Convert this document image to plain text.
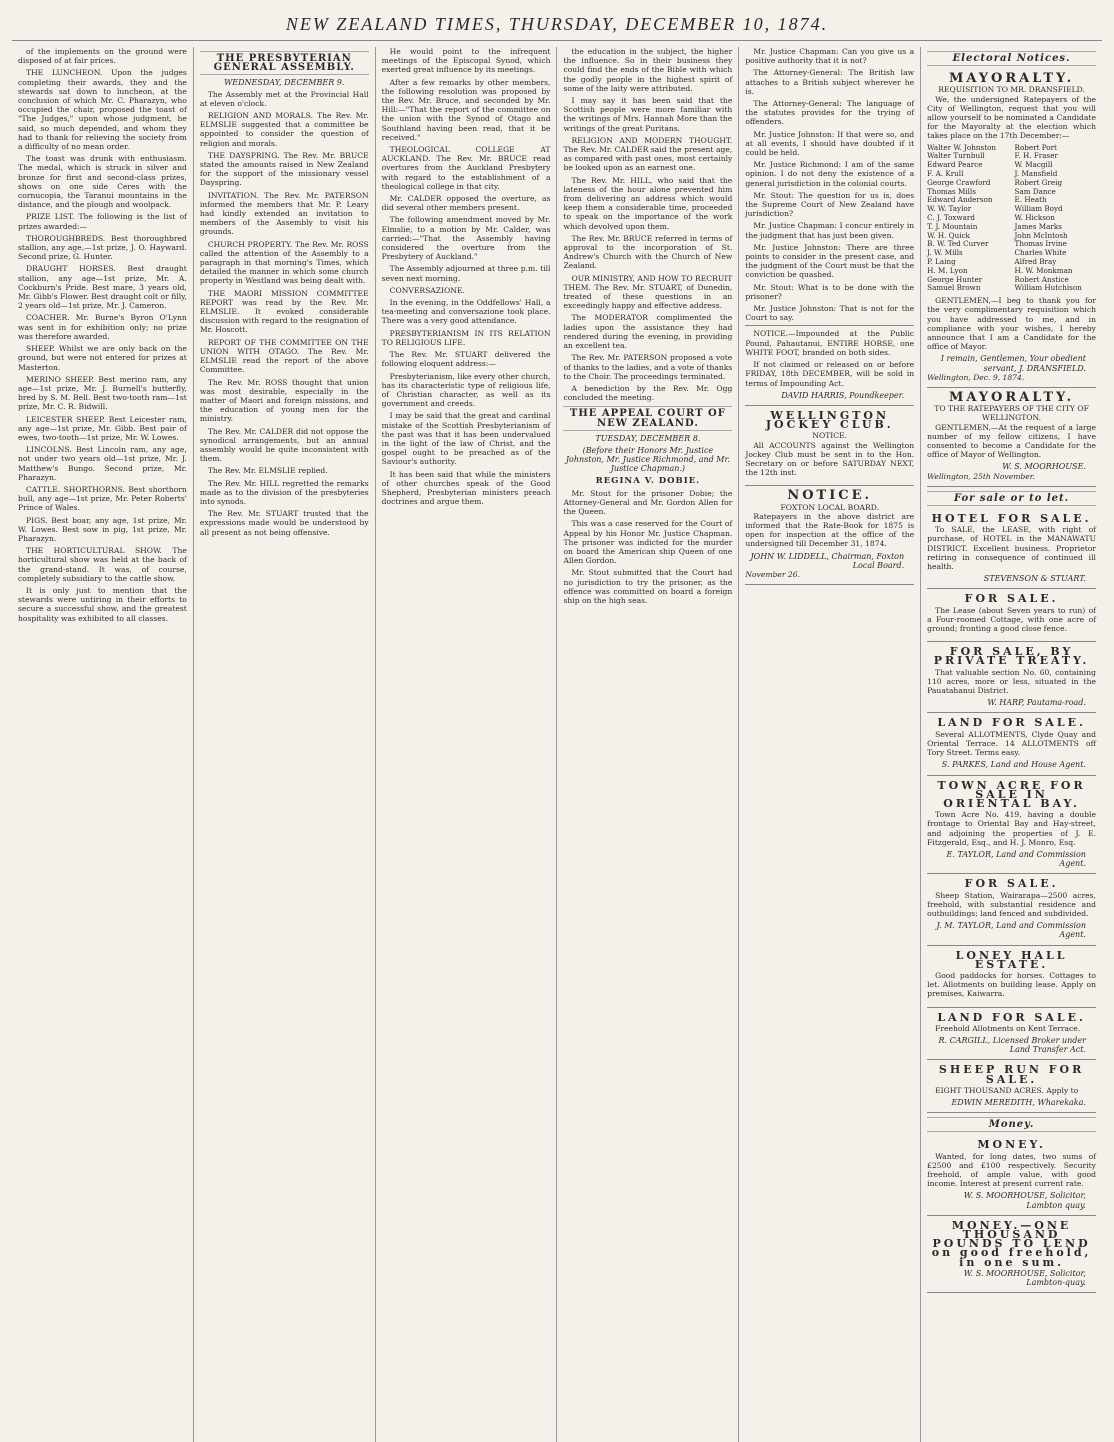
NEW ZEALAND TIMES, THURSDAY, DECEMBER 10, 1874.

of the implements on the ground were disposed of at fair prices.

THE LUNCHEON. Upon the judges completing their awards, they and the stewards sat down to luncheon, at the conclusion of which Mr. C. Pharazyn, who occupied the chair, proposed the toast of "The Judges," upon whose judgment, he said, so much depended, and whom they had to thank for relieving the society from a difficulty of no mean order.

The toast was drunk with enthusiasm. The medal, which is struck in silver and bronze for first and second-class prizes, shows on one side Ceres with the cornucopia, the Taranui mountains in the distance, and the plough and woolpack.

PRIZE LIST. The following is the list of prizes awarded:—

THOROUGHBREDS. Best thoroughbred stallion, any age,—1st prize, J. O. Hayward. Second prize, G. Hunter.

DRAUGHT HORSES. Best draught stallion, any age—1st prize, Mr. A. Cockburn's Pride. Best mare, 3 years old, Mr. Gibb's Flower. Best draught colt or filly, 2 years old—1st prize, Mr. J. Cameron.

COACHER. Mr. Burne's Byron O'Lynn was sent in for exhibition only; no prize was therefore awarded.

SHEEP. Whilst we are only back on the ground, but were not entered for prizes at Masterton.

MERINO SHEEP. Best merino ram, any age—1st prize, Mr. J. Burnell's butterfly, bred by S. M. Bell. Best two-tooth ram—1st prize, Mr. C. R. Bidwill.

LEICESTER SHEEP. Best Leicester ram, any age—1st prize, Mr. Gibb. Best pair of ewes, two-tooth—1st prize, Mr. W. Lowes.

LINCOLNS. Best Lincoln ram, any age, not under two years old—1st prize, Mr. J. Matthew's Bungo. Second prize, Mr. Pharazyn.

CATTLE. SHORTHORNS. Best shorthorn bull, any age—1st prize, Mr. Peter Roberts' Prince of Wales.

PIGS. Best boar, any age, 1st prize, Mr. W. Lowes. Best sow in pig, 1st prize, Mr. Pharazyn.

THE HORTICULTURAL SHOW. The horticultural show was held at the back of the grand-stand. It was, of course, completely subsidiary to the cattle show.

It is only just to mention that the stewards were untiring in their efforts to secure a successful show, and the greatest hospitality was exhibited to all classes.

THE PRESBYTERIAN GENERAL ASSEMBLY.
WEDNESDAY, DECEMBER 9.

The Assembly met at the Provincial Hall at eleven o'clock.

RELIGION AND MORALS. The Rev. Mr. ELMSLIE suggested that a committee be appointed to consider the question of religion and morals.

THE DAYSPRING. The Rev. Mr. BRUCE stated the amounts raised in New Zealand for the support of the missionary vessel Dayspring.

INVITATION. The Rev. Mr. PATERSON informed the members that Mr. P. Leary had kindly extended an invitation to members of the Assembly to visit his grounds.

CHURCH PROPERTY. The Rev. Mr. ROSS called the attention of the Assembly to a paragraph in that morning's Times, which detailed the manner in which some church property in Westland was being dealt with.

THE MAORI MISSION COMMITTEE REPORT was read by the Rev. Mr. ELMSLIE. It evoked considerable discussion with regard to the resignation of Mr. Hoscott.

REPORT OF THE COMMITTEE ON THE UNION WITH OTAGO. The Rev. Mr. ELMSLIE read the report of the above Committee.

The Rev. Mr. ROSS thought that union was most desirable, especially in the matter of Maori and foreign missions, and the education of young men for the ministry.

The Rev. Mr. CALDER did not oppose the synodical arrangements, but an annual assembly would be quite inconsistent with them.

The Rev. Mr. ELMSLIE replied.

The Rev. Mr. HILL regretted the remarks made as to the division of the presbyteries into synods.

The Rev. Mr. STUART trusted that the expressions made would be understood by all present as not being offensive.

He would point to the infrequent meetings of the Episcopal Synod, which exerted great influence by its meetings.

After a few remarks by other members, the following resolution was proposed by the Rev. Mr. Bruce, and seconded by Mr. Hill:—"That the report of the committee on the union with the Synod of Otago and Southland having been read, that it be received."

THEOLOGICAL COLLEGE AT AUCKLAND. The Rev. Mr. BRUCE read overtures from the Auckland Presbytery with regard to the establishment of a theological college in that city.

Mr. CALDER opposed the overture, as did several other members present.

The following amendment moved by Mr. Elmslie, to a motion by Mr. Calder, was carried:—"That the Assembly having considered the overture from the Presbytery of Auckland."

The Assembly adjourned at three p.m. till seven next morning.

CONVERSAZIONE.

In the evening, in the Oddfellows' Hall, a tea-meeting and conversazione took place. There was a very good attendance.

PRESBYTERIANISM IN ITS RELATION TO RELIGIOUS LIFE.

The Rev. Mr. STUART delivered the following eloquent address:—

Presbyterianism, like every other church, has its characteristic type of religious life, of Christian character, as well as its government and creeds.

I may be said that the great and cardinal mistake of the Scottish Presbyterianism of the past was that it has been undervalued in the light of the law of Christ, and the gospel ought to be preached as of the Saviour's authority.

It has been said that while the ministers of other churches speak of the Good Shepherd, Presbyterian ministers preach doctrines and argue them.

the education in the subject, the higher the influence. So in their business they could find the ends of the Bible with which the godly people in the highest spirit of some of the laity were attributed.

I may say it has been said that the Scottish people were more familiar with the writings of Mrs. Hannah More than the writings of the great Puritans.

RELIGION AND MODERN THOUGHT. The Rev. Mr. CALDER said the present age, as compared with past ones, most certainly be looked upon as an earnest one.

The Rev. Mr. HILL, who said that the lateness of the hour alone prevented him from delivering an address which would keep them a considerable time, proceeded to speak on the importance of the work which devolved upon them.

The Rev. Mr. BRUCE referred in terms of approval to the incorporation of St. Andrew's Church with the Church of New Zealand.

OUR MINISTRY, AND HOW TO RECRUIT THEM. The Rev. Mr. STUART, of Dunedin, treated of these questions in an exceedingly happy and effective address.

The MODERATOR complimented the ladies upon the assistance they had rendered during the evening, in providing an excellent tea.

The Rev. Mr. PATERSON proposed a vote of thanks to the ladies, and a vote of thanks to the Choir. The proceedings terminated.

A benediction by the Rev. Mr. Ogg concluded the meeting.

THE APPEAL COURT OF NEW ZEALAND.
TUESDAY, DECEMBER 8.
(Before their Honors Mr. Justice Johnston, Mr. Justice Richmond, and Mr. Justice Chapman.)
REGINA V. DOBIE.

Mr. Stout for the prisoner Dobie; the Attorney-General and Mr. Gordon Allen for the Queen.

This was a case reserved for the Court of Appeal by his Honor Mr. Justice Chapman. The prisoner was indicted for the murder on board the American ship Queen of one Allen Gordon.

Mr. Stout submitted that the Court had no jurisdiction to try the prisoner, as the offence was committed on board a foreign ship on the high seas.

Mr. Justice Chapman: Can you give us a positive authority that it is not?

The Attorney-General: The British law attaches to a British subject wherever he is.

The Attorney-General: The language of the statutes provides for the trying of offenders.

Mr. Justice Johnston: If that were so, and at all events, I should have doubted if it could be held.

Mr. Justice Richmond: I am of the same opinion. I do not deny the existence of a general jurisdiction in the colonial courts.

Mr. Stout: The question for us is, does the Supreme Court of New Zealand have jurisdiction?

Mr. Justice Chapman: I concur entirely in the judgment that has just been given.

Mr. Justice Johnston: There are three points to consider in the present case, and the judgment of the Court must be that the conviction be quashed.

Mr. Stout: What is to be done with the prisoner?

Mr. Justice Johnston: That is not for the Court to say.

NOTICE.—Impounded at the Public Pound, Pahautanui, ENTIRE HORSE, one WHITE FOOT, branded on both sides.

If not claimed or released on or before FRIDAY, 18th DECEMBER, will be sold in terms of Impounding Act.

DAVID HARRIS, Poundkeeper.
WELLINGTON JOCKEY CLUB.
NOTICE.

All ACCOUNTS against the Wellington Jockey Club must be sent in to the Hon. Secretary on or before SATURDAY NEXT, the 12th inst.

NOTICE.
FOXTON LOCAL BOARD.

Ratepayers in the above district are informed that the Rate-Book for 1875 is open for inspection at the office of the undersigned till December 31, 1874.

JOHN W. LIDDELL, Chairman, Foxton Local Board.
November 26.
Electoral Notices.
MAYORALTY.
REQUISITION TO MR. DRANSFIELD.

We, the undersigned Ratepayers of the City of Wellington, request that you will allow yourself to be nominated a Candidate for the Mayoralty at the election which takes place on the 17th December:—

Walter W. Johnston
Walter Turnbull
Edward Pearce
F. A. Krull
George Crawford
Thomas Mills
Edward Anderson
W. W. Taylor
C. J. Toxward
T. J. Mountain
W. H. Quick
B. W. Ted Curver
J. W. Mills
P. Laing
H. M. Lyon
George Hunter
Samuel Brown
Robert Port
F. H. Fraser
W. Macgill
J. Mansfield
Robert Greig
Sam Dance
E. Heath
William Boyd
W. Hickson
James Marks
John McIntosh
Thomas Irvine
Charles White
Alfred Bray
H. W. Monkman
Robert Anstice
William Hutchison

GENTLEMEN,—I beg to thank you for the very complimentary requisition which you have addressed to me, and in compliance with your wishes, I hereby announce that I am a Candidate for the office of Mayor.

I remain, Gentlemen, Your obedient servant, J. DRANSFIELD.
Wellington, Dec. 9, 1874.
MAYORALTY.
TO THE RATEPAYERS OF THE CITY OF WELLINGTON.

GENTLEMEN,—At the request of a large number of my fellow citizens, I have consented to become a Candidate for the office of Mayor of Wellington.

W. S. MOORHOUSE.
Wellington, 25th November.
For sale or to let.
HOTEL FOR SALE.

To SALE, the LEASE, with right of purchase, of HOTEL in the MANAWATU DISTRICT. Excellent business. Proprietor retiring in consequence of continued ill health.

STEVENSON & STUART.
FOR SALE.

The Lease (about Seven years to run) of a Four-roomed Cottage, with one acre of ground; fronting a good close fence.

FOR SALE, BY PRIVATE TREATY.

That valuable section No. 60, containing 110 acres, more or less, situated in the Pauatahanui District.

W. HARP, Pautama-road.
LAND FOR SALE.

Several ALLOTMENTS, Clyde Quay and Oriental Terrace. 14 ALLOTMENTS off Tory Street. Terms easy.

S. PARKES, Land and House Agent.
TOWN ACRE FOR SALE IN ORIENTAL BAY.

Town Acre No. 419, having a double frontage to Oriental Bay and Hay-street, and adjoining the properties of J. E. Fitzgerald, Esq., and H. J. Monro, Esq.

E. TAYLOR, Land and Commission Agent.
FOR SALE.

Sheep Station, Wairarapa—2500 acres, freehold, with substantial residence and outbuildings; land fenced and subdivided.

J. M. TAYLOR, Land and Commission Agent.
LONEY HALL ESTATE.

Good paddocks for horses. Cottages to let. Allotments on building lease. Apply on premises, Kaiwarra.

LAND FOR SALE.

Freehold Allotments on Kent Terrace.

R. CARGILL, Licensed Broker under Land Transfer Act.
SHEEP RUN FOR SALE.

EIGHT THOUSAND ACRES. Apply to

EDWIN MEREDITH, Wharekaka.
Money.
MONEY.

Wanted, for long dates, two sums of £2500 and £100 respectively. Security freehold, of ample value, with good income. Interest at present current rate.

W. S. MOORHOUSE, Solicitor, Lambton quay.
MONEY.—ONE THOUSAND POUNDS TO LEND on good freehold, in one sum.
W. S. MOORHOUSE, Solicitor, Lambton-quay.
